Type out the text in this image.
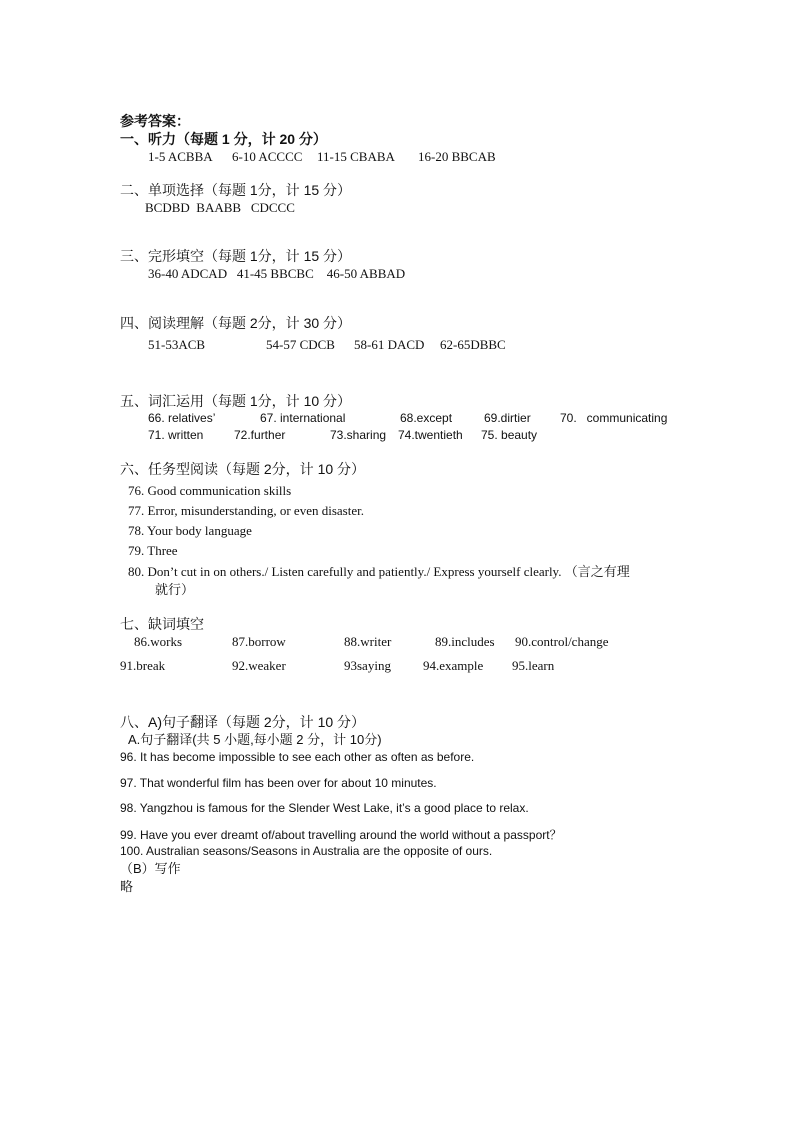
参考答案：
一、听力（每题 1 分，计 20 分）
1-5 ACBBA 6-10 ACCCC 11-15 CBABA 16-20 BBCAB
二、单项选择（每题 1分，计 15 分）
BCDBD  BAABB   CDCCC
三、完形填空（每题 1分，计 15 分）
36-40 ADCAD   41-45 BBCBC    46-50 ABBAD
四、阅读理解（每题 2分，计 30 分）
51-53ACB	54-57 CDCB 58-61 DACD 62-65DBBC
五、词汇运用（每题 1分，计 10 分）
66. relatives’	67. international	68.except	69.dirtier 70.   communicating
71. written	72.further	73.sharing 74.twentieth 75. beauty
六、任务型阅读（每题 2分，计 10 分）
76. Good communication skills
77. Error, misunderstanding, or even disaster.
78. Your body language
79. Three
80. Don’t cut in on others./ Listen carefully and patiently./ Express yourself clearly. （言之有理
就行）
七、缺词填空
86.works	87.borrow	88.writer	89.includes 90.control/change
91.break	92.weaker	93saying 94.example 95.learn
八、A)句子翻译（每题 2分，计 10 分）
A.句子翻译(共 5 小题,每小题 2 分，计 10分)
96. It has become impossible to see each other as often as before.
97. That wonderful film has been over for about 10 minutes.
98. Yangzhou is famous for the Slender West Lake, it’s a good place to relax.
99. Have you ever dreamt of/about travelling around the world without a passport？
100. Australian seasons/Seasons in Australia are the opposite of ours.
（B）写作
略
